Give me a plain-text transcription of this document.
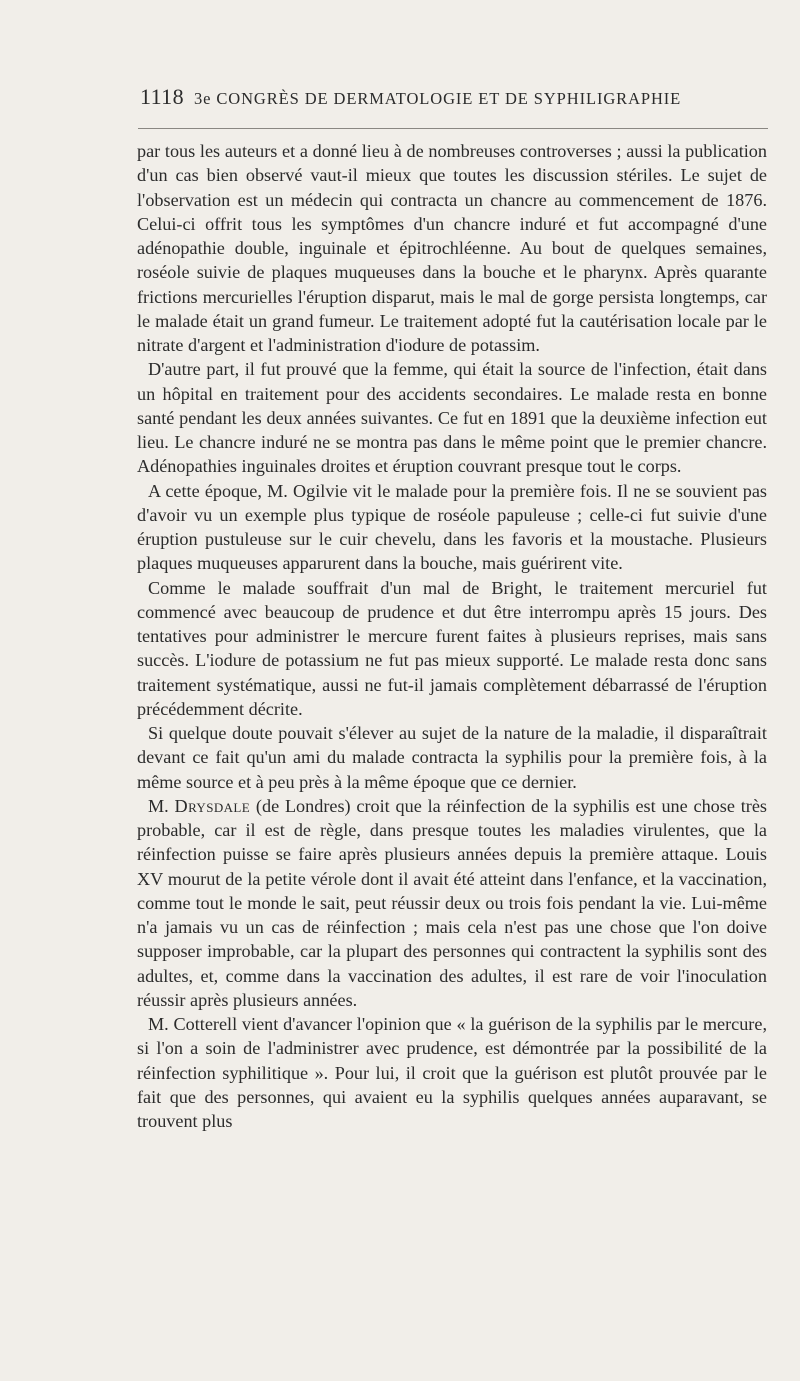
1118 3e CONGRÈS DE DERMATOLOGIE ET DE SYPHILIGRAPHIE

par tous les auteurs et a donné lieu à de nombreuses controverses ; aussi la publication d'un cas bien observé vaut-il mieux que toutes les discussion stériles. Le sujet de l'observation est un médecin qui contracta un chancre au commencement de 1876. Celui-ci offrit tous les symptômes d'un chancre induré et fut accompagné d'une adénopathie double, inguinale et épitrochléenne. Au bout de quelques semaines, roséole suivie de plaques muqueuses dans la bouche et le pharynx. Après quarante frictions mercurielles l'éruption disparut, mais le mal de gorge persista longtemps, car le malade était un grand fumeur. Le traitement adopté fut la cautérisation locale par le nitrate d'argent et l'administration d'iodure de potassim.

D'autre part, il fut prouvé que la femme, qui était la source de l'infection, était dans un hôpital en traitement pour des accidents secondaires. Le malade resta en bonne santé pendant les deux années suivantes. Ce fut en 1891 que la deuxième infection eut lieu. Le chancre induré ne se montra pas dans le même point que le premier chancre. Adénopathies inguinales droites et éruption couvrant presque tout le corps.

A cette époque, M. Ogilvie vit le malade pour la première fois. Il ne se souvient pas d'avoir vu un exemple plus typique de roséole papuleuse ; celle-ci fut suivie d'une éruption pustuleuse sur le cuir chevelu, dans les favoris et la moustache. Plusieurs plaques muqueuses apparurent dans la bouche, mais guérirent vite.

Comme le malade souffrait d'un mal de Bright, le traitement mercuriel fut commencé avec beaucoup de prudence et dut être interrompu après 15 jours. Des tentatives pour administrer le mercure furent faites à plusieurs reprises, mais sans succès. L'iodure de potassium ne fut pas mieux supporté. Le malade resta donc sans traitement systématique, aussi ne fut-il jamais complètement débarrassé de l'éruption précédemment décrite.

Si quelque doute pouvait s'élever au sujet de la nature de la maladie, il disparaîtrait devant ce fait qu'un ami du malade contracta la syphilis pour la première fois, à la même source et à peu près à la même époque que ce dernier.

M. Drysdale (de Londres) croit que la réinfection de la syphilis est une chose très probable, car il est de règle, dans presque toutes les maladies virulentes, que la réinfection puisse se faire après plusieurs années depuis la première attaque. Louis XV mourut de la petite vérole dont il avait été atteint dans l'enfance, et la vaccination, comme tout le monde le sait, peut réussir deux ou trois fois pendant la vie. Lui-même n'a jamais vu un cas de réinfection ; mais cela n'est pas une chose que l'on doive supposer improbable, car la plupart des personnes qui contractent la syphilis sont des adultes, et, comme dans la vaccination des adultes, il est rare de voir l'inoculation réussir après plusieurs années.

M. Cotterell vient d'avancer l'opinion que « la guérison de la syphilis par le mercure, si l'on a soin de l'administrer avec prudence, est démontrée par la possibilité de la réinfection syphilitique ». Pour lui, il croit que la guérison est plutôt prouvée par le fait que des personnes, qui avaient eu la syphilis quelques années auparavant, se trouvent plus
